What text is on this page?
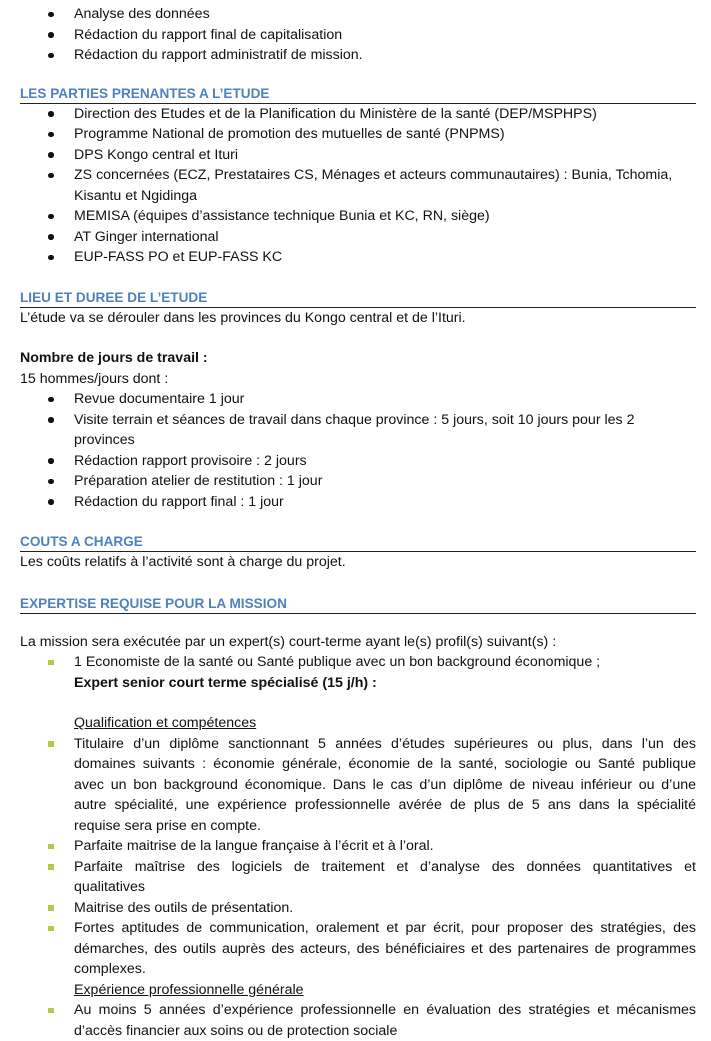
Analyse des données
Rédaction du rapport final de capitalisation
Rédaction du rapport administratif de mission.
LES PARTIES PRENANTES A L’ETUDE
Direction des Etudes et de la Planification du Ministère de la santé (DEP/MSPHPS)
Programme National de promotion des mutuelles de santé (PNPMS)
DPS Kongo central et Ituri
ZS concernées (ECZ, Prestataires CS, Ménages et acteurs communautaires) : Bunia, Tchomia,
Kisantu et Ngidinga
MEMISA (équipes d’assistance technique Bunia et KC, RN, siège)
AT Ginger international
EUP-FASS PO et EUP-FASS KC
LIEU ET DUREE DE L’ETUDE
L’étude va se dérouler dans les provinces du Kongo central et de l’Ituri.
Nombre de jours de travail :
15 hommes/jours dont :
Revue documentaire 1 jour
Visite terrain et séances de travail dans chaque province : 5 jours, soit 10 jours pour les 2
provinces
Rédaction rapport provisoire : 2 jours
Préparation atelier de restitution : 1 jour
Rédaction du rapport final : 1 jour
COUTS A CHARGE
Les coûts relatifs à l’activité sont à charge du projet.
EXPERTISE REQUISE POUR LA MISSION
La mission sera exécutée par un expert(s) court-terme ayant le(s) profil(s) suivant(s) :
1 Economiste de la santé ou Santé publique avec un bon background économique ;
Expert senior court terme spécialisé (15 j/h) :
Qualification et compétences
Titulaire d’un diplôme sanctionnant 5 années d’études supérieures ou plus, dans l’un des
domaines suivants : économie générale, économie de la santé, sociologie ou Santé publique
avec un bon background économique. Dans le cas d’un diplôme de niveau inférieur ou d’une
autre spécialité, une expérience professionnelle avérée de plus de 5 ans dans la spécialité
requise sera prise en compte.
Parfaite maitrise de la langue française à l’écrit et à l’oral.
Parfaite maîtrise des logiciels de traitement et d’analyse des données quantitatives et
qualitatives
Maitrise des outils de présentation.
Fortes aptitudes de communication, oralement et par écrit, pour proposer des stratégies, des
démarches, des outils auprès des acteurs, des bénéficiaires et des partenaires de programmes
complexes.
Expérience professionnelle générale
Au moins 5 années d’expérience professionnelle en évaluation des stratégies et mécanismes
d’accès financier aux soins ou de protection sociale
